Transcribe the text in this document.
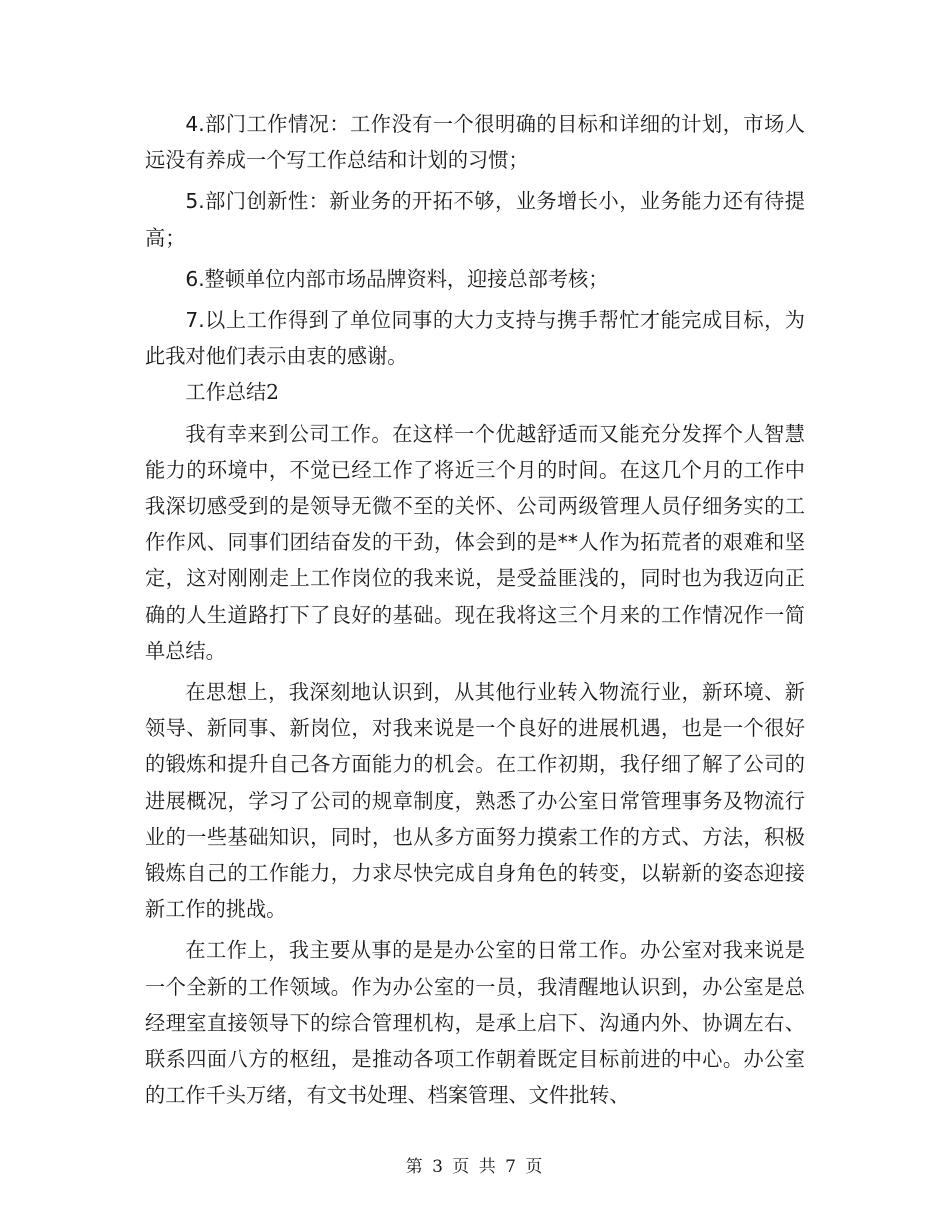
4.部门工作情况：工作没有一个很明确的目标和详细的计划，市场人远没有养成一个写工作总结和计划的习惯；

5.部门创新性：新业务的开拓不够，业务增长小，业务能力还有待提高；

6.整顿单位内部市场品牌资料，迎接总部考核；

7.以上工作得到了单位同事的大力支持与携手帮忙才能完成目标，为此我对他们表示由衷的感谢。

工作总结2

我有幸来到公司工作。在这样一个优越舒适而又能充分发挥个人智慧能力的环境中，不觉已经工作了将近三个月的时间。在这几个月的工作中我深切感受到的是领导无微不至的关怀、公司两级管理人员仔细务实的工作作风、同事们团结奋发的干劲，体会到的是**人作为拓荒者的艰难和坚定，这对刚刚走上工作岗位的我来说，是受益匪浅的，同时也为我迈向正确的人生道路打下了良好的基础。现在我将这三个月来的工作情况作一简单总结。

在思想上，我深刻地认识到，从其他行业转入物流行业，新环境、新领导、新同事、新岗位，对我来说是一个良好的进展机遇，也是一个很好的锻炼和提升自己各方面能力的机会。在工作初期，我仔细了解了公司的进展概况，学习了公司的规章制度，熟悉了办公室日常管理事务及物流行业的一些基础知识，同时，也从多方面努力摸索工作的方式、方法，积极锻炼自己的工作能力，力求尽快完成自身角色的转变，以崭新的姿态迎接新工作的挑战。

在工作上，我主要从事的是是办公室的日常工作。办公室对我来说是一个全新的工作领域。作为办公室的一员，我清醒地认识到，办公室是总经理室直接领导下的综合管理机构，是承上启下、沟通内外、协调左右、联系四面八方的枢纽，是推动各项工作朝着既定目标前进的中心。办公室的工作千头万绪，有文书处理、档案管理、文件批转、

第 3 页 共 7 页
